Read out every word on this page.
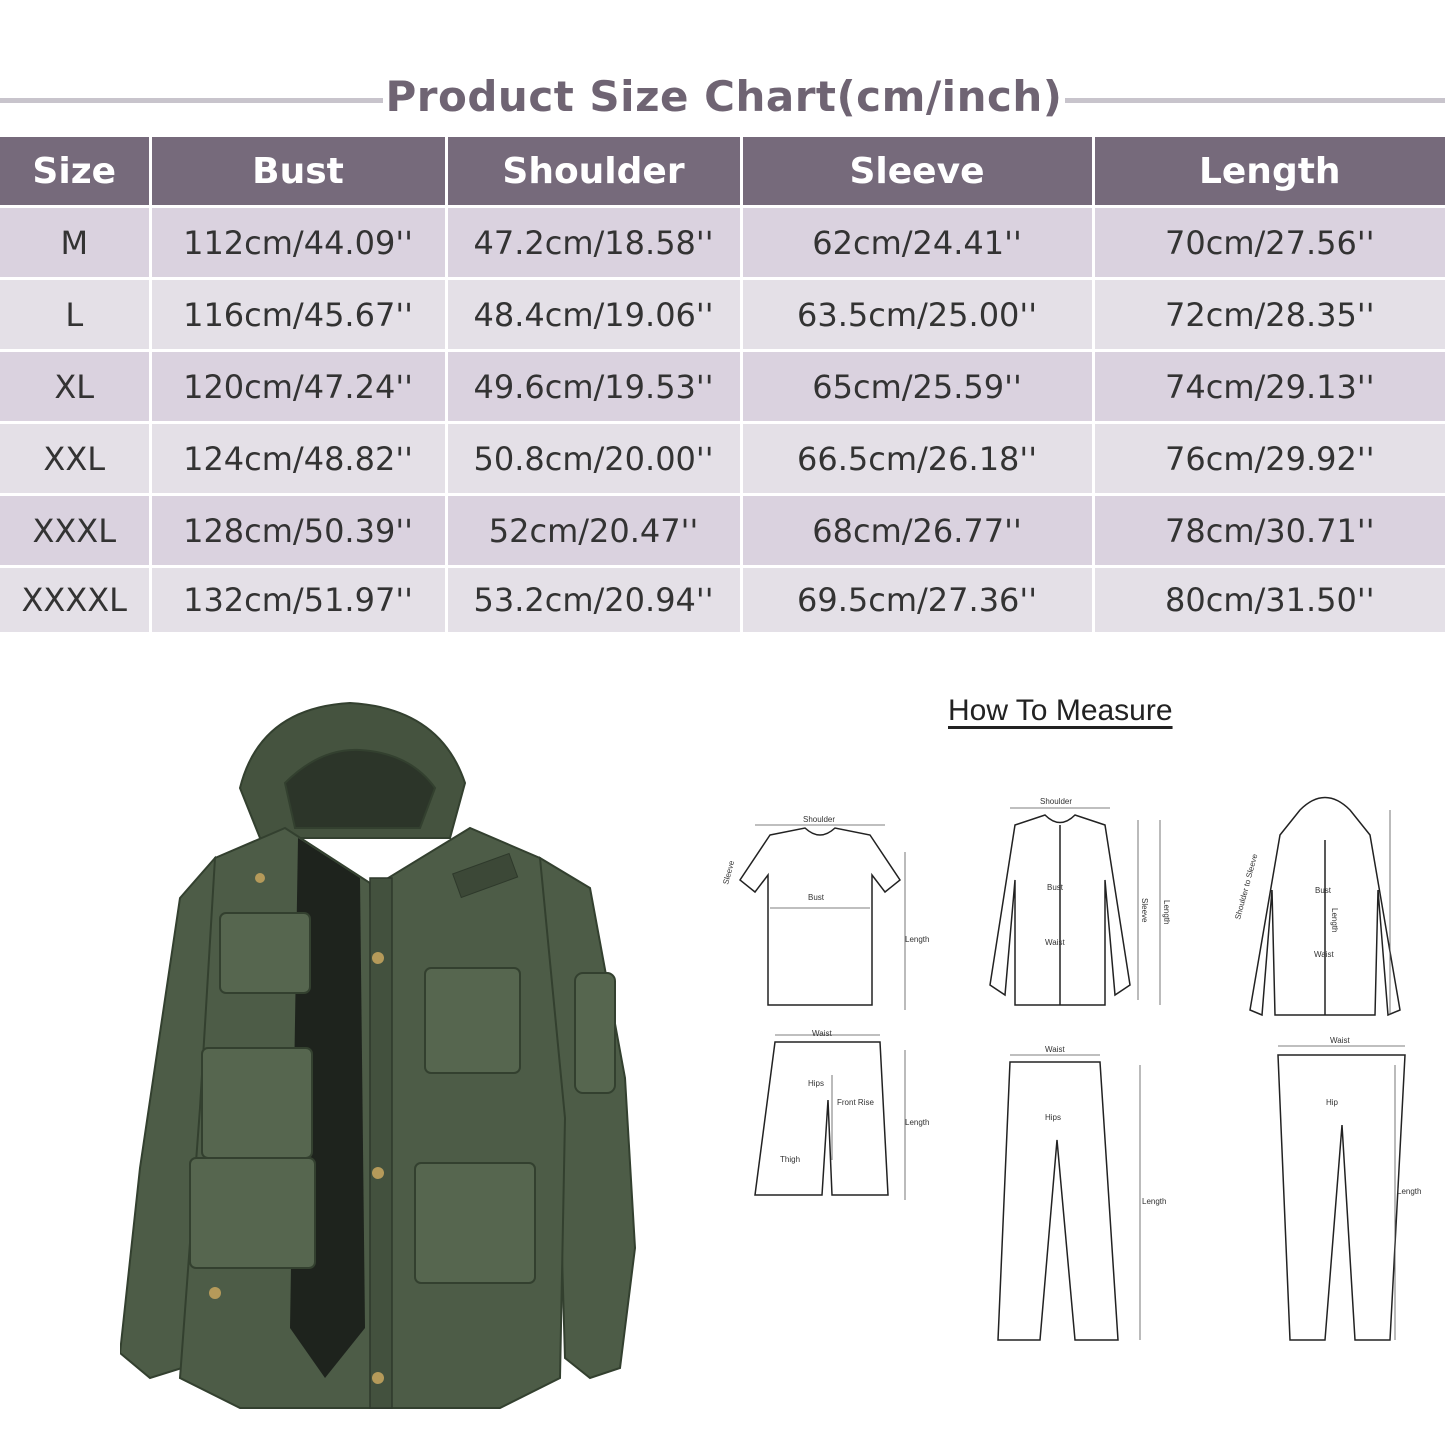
Product Size Chart(cm/inch)
Size	Bust	Shoulder	Sleeve	Length
M	112cm/44.09''	47.2cm/18.58''	62cm/24.41''	70cm/27.56''
L	116cm/45.67''	48.4cm/19.06''	63.5cm/25.00''	72cm/28.35''
XL	120cm/47.24''	49.6cm/19.53''	65cm/25.59''	74cm/29.13''
XXL	124cm/48.82''	50.8cm/20.00''	66.5cm/26.18''	76cm/29.92''
XXXL	128cm/50.39''	52cm/20.47''	68cm/26.77''	78cm/30.71''
XXXXL	132cm/51.97''	53.2cm/20.94''	69.5cm/27.36''	80cm/31.50''
How To Measure
Shoulder
Sleeve
Bust
Length
Shoulder
Bust
Waist
Sleeve Length	Shoulder to Sleeve	Bust
Length
Waist
Waist
Hips
Front Rise
Thigh
Length
Waist
Hips
Length
Waist
Hip
Length
